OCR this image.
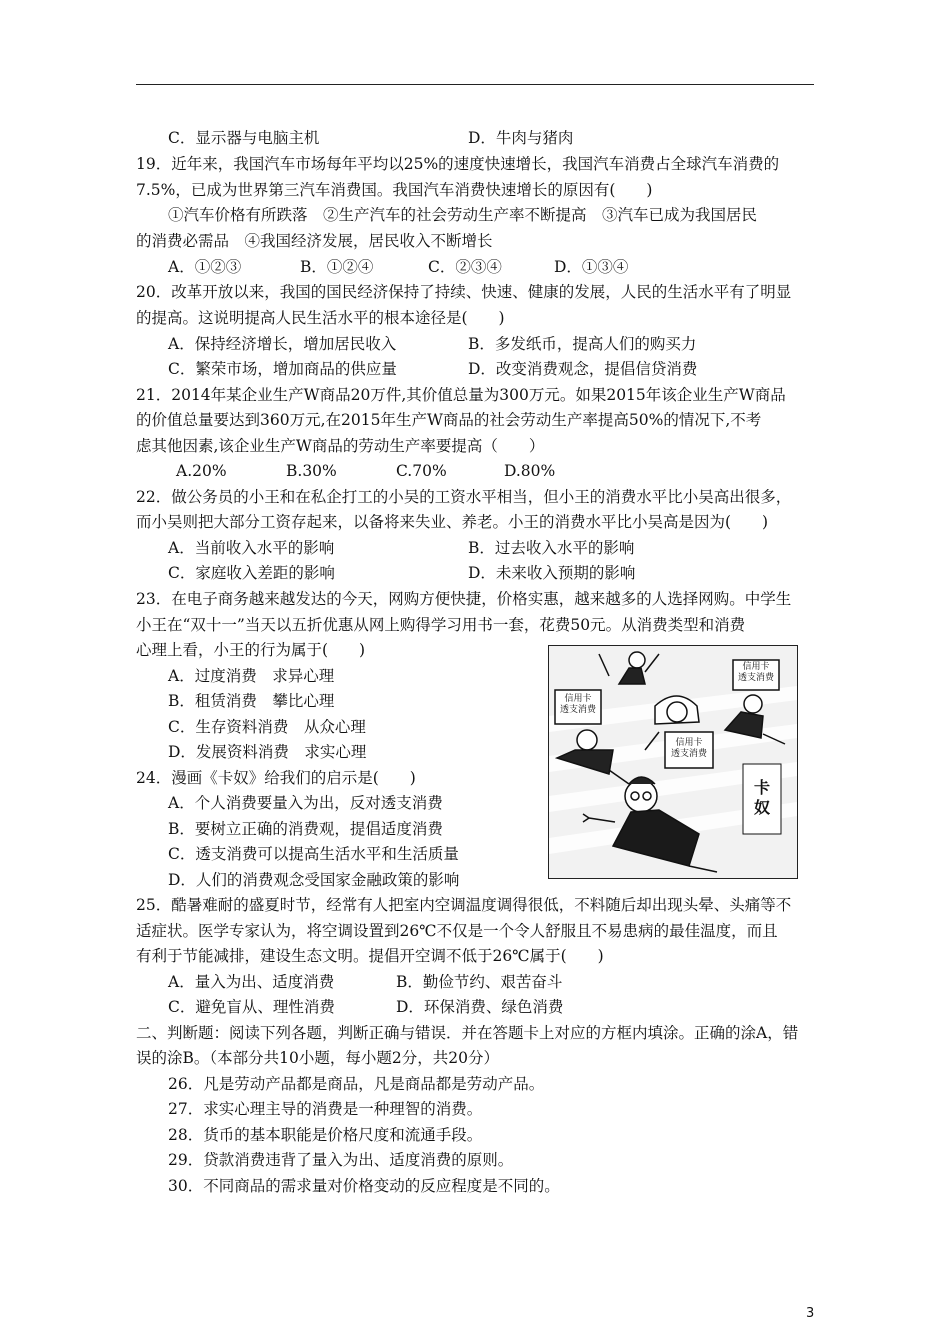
C．显示器与电脑主机	D．牛肉与猪肉
19．近年来，我国汽车市场每年平均以25%的速度快速增长，我国汽车消费占全球汽车消费的
7.5%，已成为世界第三汽车消费国。我国汽车消费快速增长的原因有(　　)
①汽车价格有所跌落　②生产汽车的社会劳动生产率不断提高　③汽车已成为我国居民
的消费必需品　④我国经济发展，居民收入不断增长
A．①②③	B．①②④	C．②③④	D．①③④
20．改革开放以来，我国的国民经济保持了持续、快速、健康的发展，人民的生活水平有了明显
的提高。这说明提高人民生活水平的根本途径是(　　)
A．保持经济增长，增加居民收入	B．多发纸币，提高人们的购买力
C．繁荣市场，增加商品的供应量	D．改变消费观念，提倡信贷消费
21．2014年某企业生产W商品20万件,其价值总量为300万元。如果2015年该企业生产W商品
的价值总量要达到360万元,在2015年生产W商品的社会劳动生产率提高50%的情况下,不考
虑其他因素,该企业生产W商品的劳动生产率要提高（　　）
A.20%	B.30%	C.70%	D.80%
22．做公务员的小王和在私企打工的小吴的工资水平相当，但小王的消费水平比小吴高出很多，
而小吴则把大部分工资存起来，以备将来失业、养老。小王的消费水平比小吴高是因为(　　)
A．当前收入水平的影响	B．过去收入水平的影响
C．家庭收入差距的影响	D．未来收入预期的影响
23．在电子商务越来越发达的今天，网购方便快捷，价格实惠，越来越多的人选择网购。中学生
小王在“双十一”当天以五折优惠从网上购得学习用书一套，花费50元。从消费类型和消费
心理上看，小王的行为属于(　　)
A．过度消费　求异心理
B．租赁消费　攀比心理
C．生存资料消费　从众心理
D．发展资料消费　求实心理
24．漫画《卡奴》给我们的启示是(　　)
A．个人消费要量入为出，反对透支消费
B．要树立正确的消费观，提倡适度消费
C．透支消费可以提高生活水平和生活质量
D．人们的消费观念受国家金融政策的影响
25．酷暑难耐的盛夏时节，经常有人把室内空调温度调得很低，不料随后却出现头晕、头痛等不
适症状。医学专家认为，将空调设置到26℃不仅是一个令人舒服且不易患病的最佳温度，而且
有利于节能减排，建设生态文明。提倡开空调不低于26℃属于(　　)
A．量入为出、适度消费	B．勤俭节约、艰苦奋斗
C．避免盲从、理性消费	D．环保消费、绿色消费
二、判断题：阅读下列各题，判断正确与错误．并在答题卡上对应的方框内填涂。正确的涂A，错
误的涂B。（本部分共10小题，每小题2分，共20分）
26．凡是劳动产品都是商品，凡是商品都是劳动产品。
27．求实心理主导的消费是一种理智的消费。
28．货币的基本职能是价格尺度和流通手段。
29．贷款消费违背了量入为出、适度消费的原则。
30．不同商品的需求量对价格变动的反应程度是不同的。
信用卡
透支消费
信用卡
透支消费
信用卡
透支消费
卡
奴
3
